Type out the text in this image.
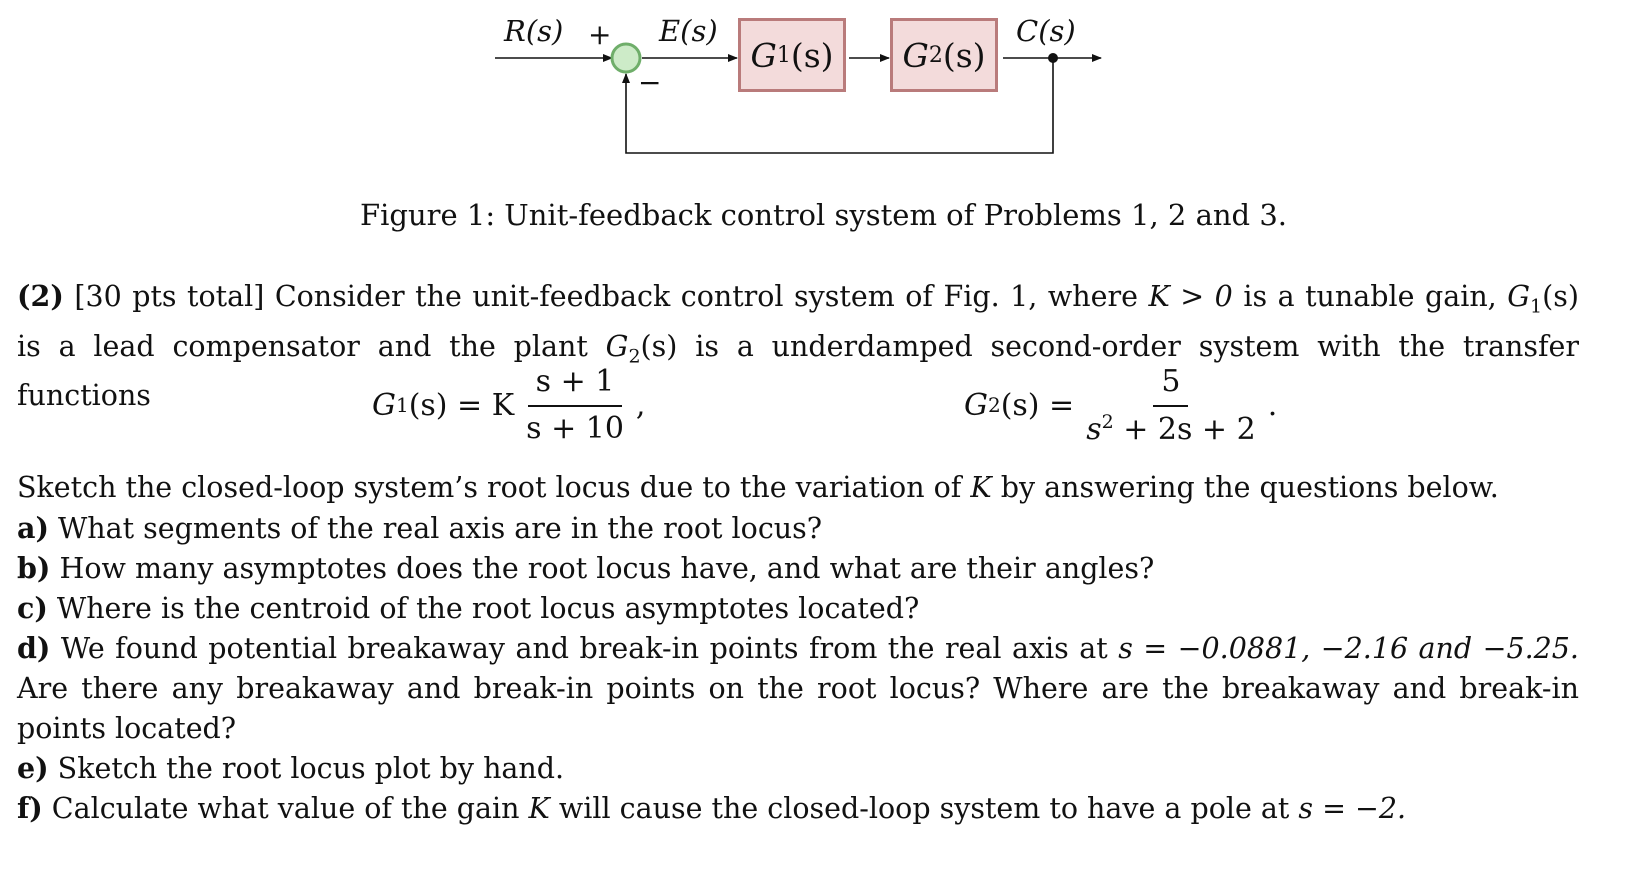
R(s) + E(s)
−
C(s)
G 1 (s) G 2 (s)
Figure 1: Unit-feedback control system of Problems 1, 2 and 3.
(2) [30 pts total] Consider the unit-feedback control system of Fig. 1, where K > 0 is a tunable gain, $G_1(s)$ is a lead compensator and the plant $G_2(s)$ is a underdamped second-order system with the transfer functions	G 1 (s) = K $\frac{s + 1}{s + 10}$ ,	G 2 $(s) = \frac{5}{s^2 + 2s + 2}$ .
Sketch the closed-loop system’s root locus due to the variation of K by answering the questions below.
a) What segments of the real axis are in the root locus?
b) How many asymptotes does the root locus have, and what are their angles?
c) Where is the centroid of the root locus asymptotes located?
d) We found potential breakaway and break-in points from the real axis at s = −0.0881, −2.16 and −5.25. Are there any breakaway and break-in points on the root locus? Where are the breakaway and break-in points located?
e) Sketch the root locus plot by hand.
f) Calculate what value of the gain K will cause the closed-loop system to have a pole at s = −2.
